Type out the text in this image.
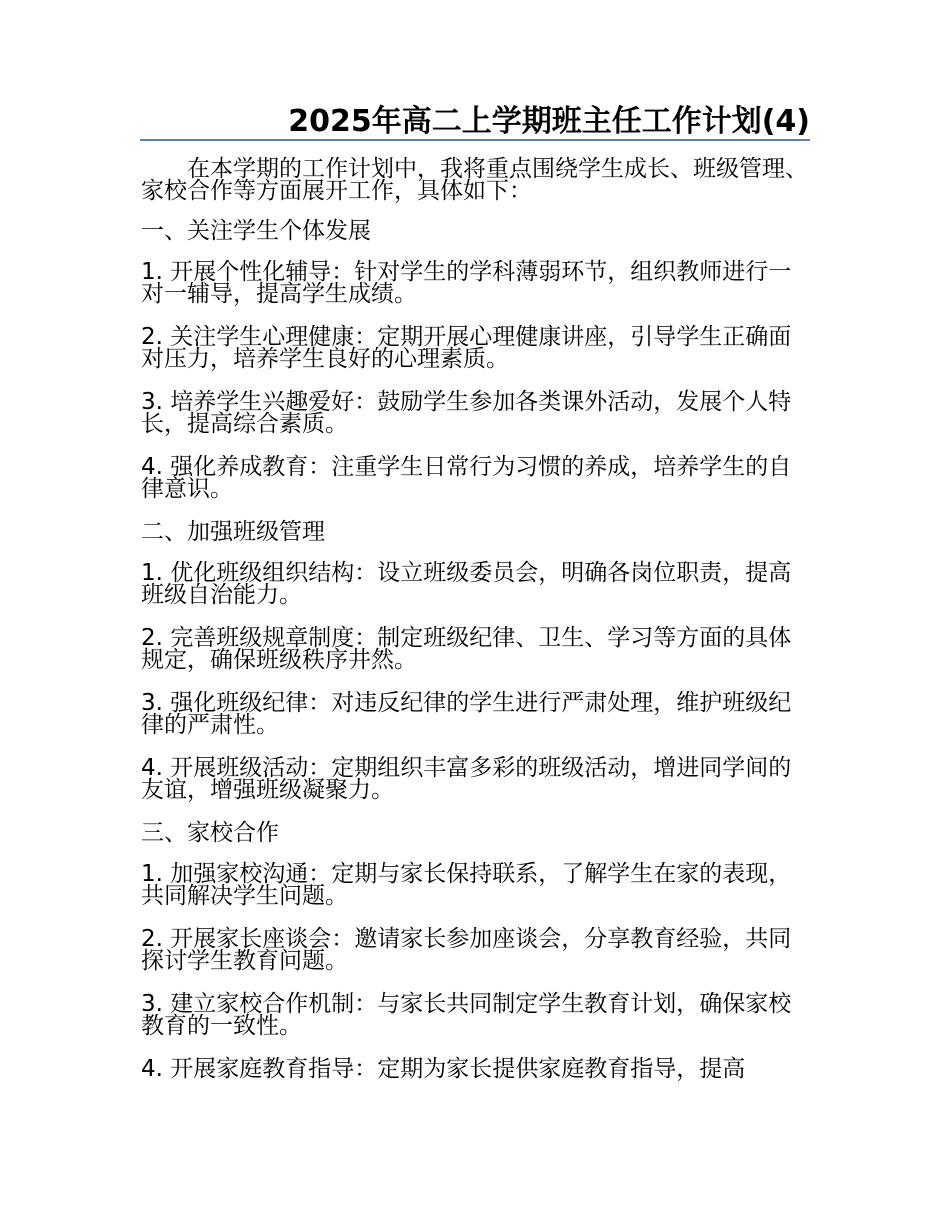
2025年高二上学期班主任工作计划(4)

在本学期的工作计划中，我将重点围绕学生成长、班级管理、家校合作等方面展开工作，具体如下：

一、关注学生个体发展

1. 开展个性化辅导：针对学生的学科薄弱环节，组织教师进行一对一辅导，提高学生成绩。

2. 关注学生心理健康：定期开展心理健康讲座，引导学生正确面对压力，培养学生良好的心理素质。

3. 培养学生兴趣爱好：鼓励学生参加各类课外活动，发展个人特长，提高综合素质。

4. 强化养成教育：注重学生日常行为习惯的养成，培养学生的自律意识。

二、加强班级管理

1. 优化班级组织结构：设立班级委员会，明确各岗位职责，提高班级自治能力。

2. 完善班级规章制度：制定班级纪律、卫生、学习等方面的具体规定，确保班级秩序井然。

3. 强化班级纪律：对违反纪律的学生进行严肃处理，维护班级纪律的严肃性。

4. 开展班级活动：定期组织丰富多彩的班级活动，增进同学间的友谊，增强班级凝聚力。

三、家校合作

1. 加强家校沟通：定期与家长保持联系，了解学生在家的表现，共同解决学生问题。

2. 开展家长座谈会：邀请家长参加座谈会，分享教育经验，共同探讨学生教育问题。

3. 建立家校合作机制：与家长共同制定学生教育计划，确保家校教育的一致性。

4. 开展家庭教育指导：定期为家长提供家庭教育指导，提高
